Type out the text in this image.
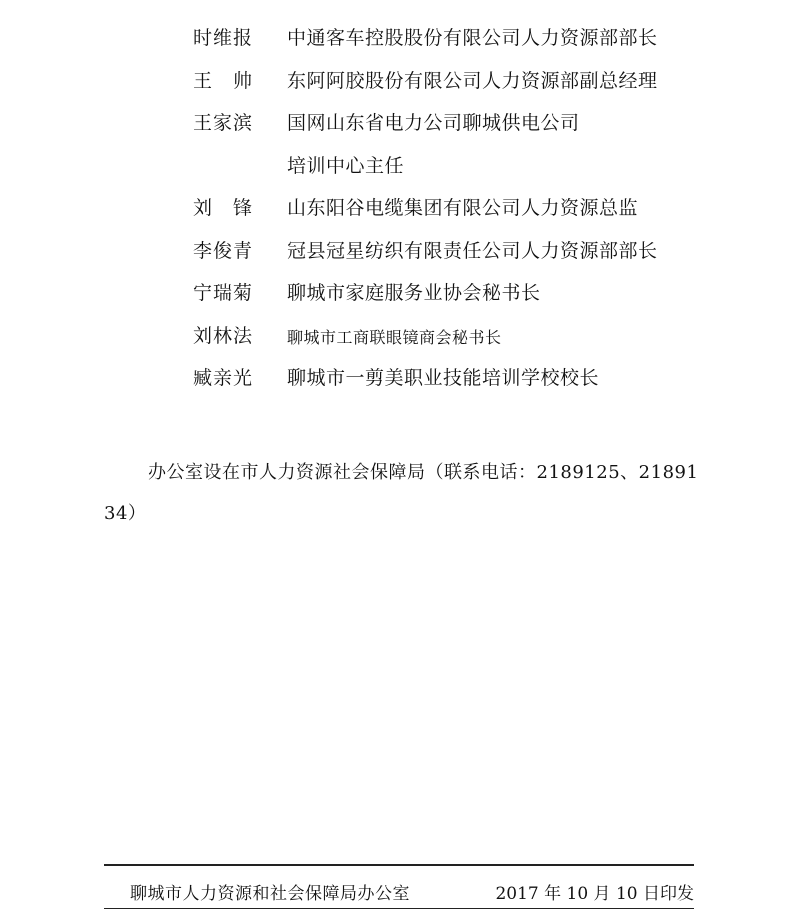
时维报 中通客车控股股份有限公司人力资源部部长
王　帅 东阿阿胶股份有限公司人力资源部副总经理
王家滨 国网山东省电力公司聊城供电公司
培训中心主任
刘　锋 山东阳谷电缆集团有限公司人力资源总监
李俊青 冠县冠星纺织有限责任公司人力资源部部长
宁瑞菊 聊城市家庭服务业协会秘书长
刘林法 聊城市工商联眼镜商会秘书长
臧亲光 聊城市一剪美职业技能培训学校校长

办公室设在市人力资源社会保障局（联系电话：2189125、2189134）

聊城市人力资源和社会保障局办公室	2017 年 10 月 10 日印发
